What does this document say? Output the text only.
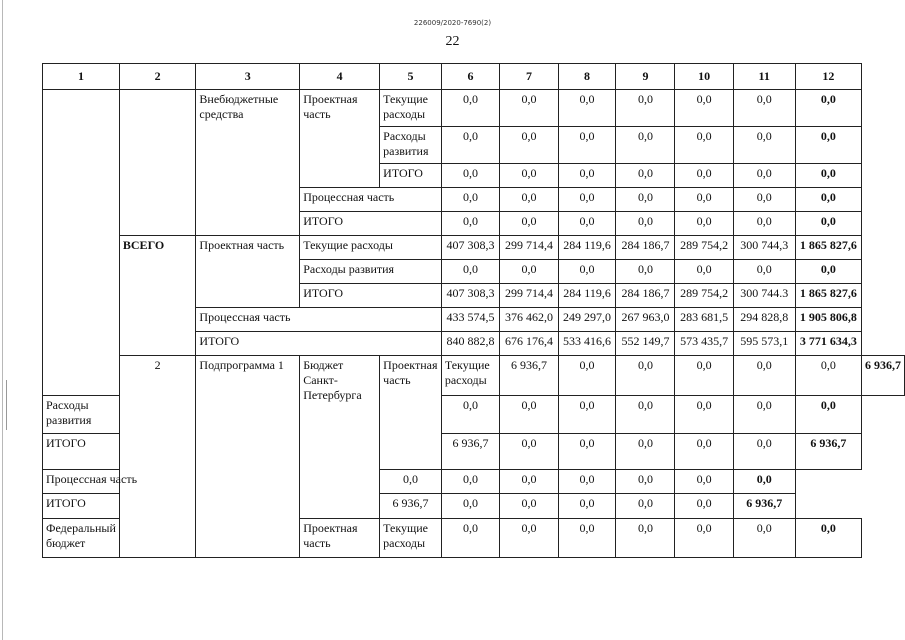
226009/2020-7690(2)
22
1	2	3	4	5	6	7	8	9	10	11	12	
		Внебюджетные средства	Проектная часть	Текущие расходы	0,0	0,0	0,0	0,0	0,0	0,0	0,0	
				Расходы развития	0,0	0,0	0,0	0,0	0,0	0,0	0,0	
				ИТОГО	0,0	0,0	0,0	0,0	0,0	0,0	0,0	
			Процессная часть		0,0	0,0	0,0	0,0	0,0	0,0	0,0	
			ИТОГО		0,0	0,0	0,0	0,0	0,0	0,0	0,0	
	ВСЕГО	Проектная часть	Текущие расходы		407 308,3	299 714,4	284 119,6	284 186,7	289 754,2	300 744,3	1 865 827,6	
			Расходы развития		0,0	0,0	0,0	0,0	0,0	0,0	0,0	
			ИТОГО		407 308,3	299 714,4	284 119,6	284 186,7	289 754,2	300 744.3	1 865 827,6	
		Процессная часть			433 574,5	376 462,0	249 297,0	267 963,0	283 681,5	294 828,8	1 905 806,8	
		ИТОГО			840 882,8	676 176,4	533 416,6	552 149,7	573 435,7	595 573,1	3 771 634,3	
	2	Подпрограмма 1	Бюджет Санкт-Петербурга	Проектная часть	Текущие расходы	6 936,7	0,0	0,0	0,0	0,0	0,0	6 936,7
Расходы развития					0,0	0,0	0,0	0,0	0,0	0,0	0,0	
ИТОГО					6 936,7	0,0	0,0	0,0	0,0	0,0	6 936,7	
Процессная часть				0,0	0,0	0,0	0,0	0,0	0,0	0,0		
ИТОГО				6 936,7	0,0	0,0	0,0	0,0	0,0	6 936,7		
Федеральный бюджет			Проектная часть	Текущие расходы	0,0	0,0	0,0	0,0	0,0	0,0	0,0	
